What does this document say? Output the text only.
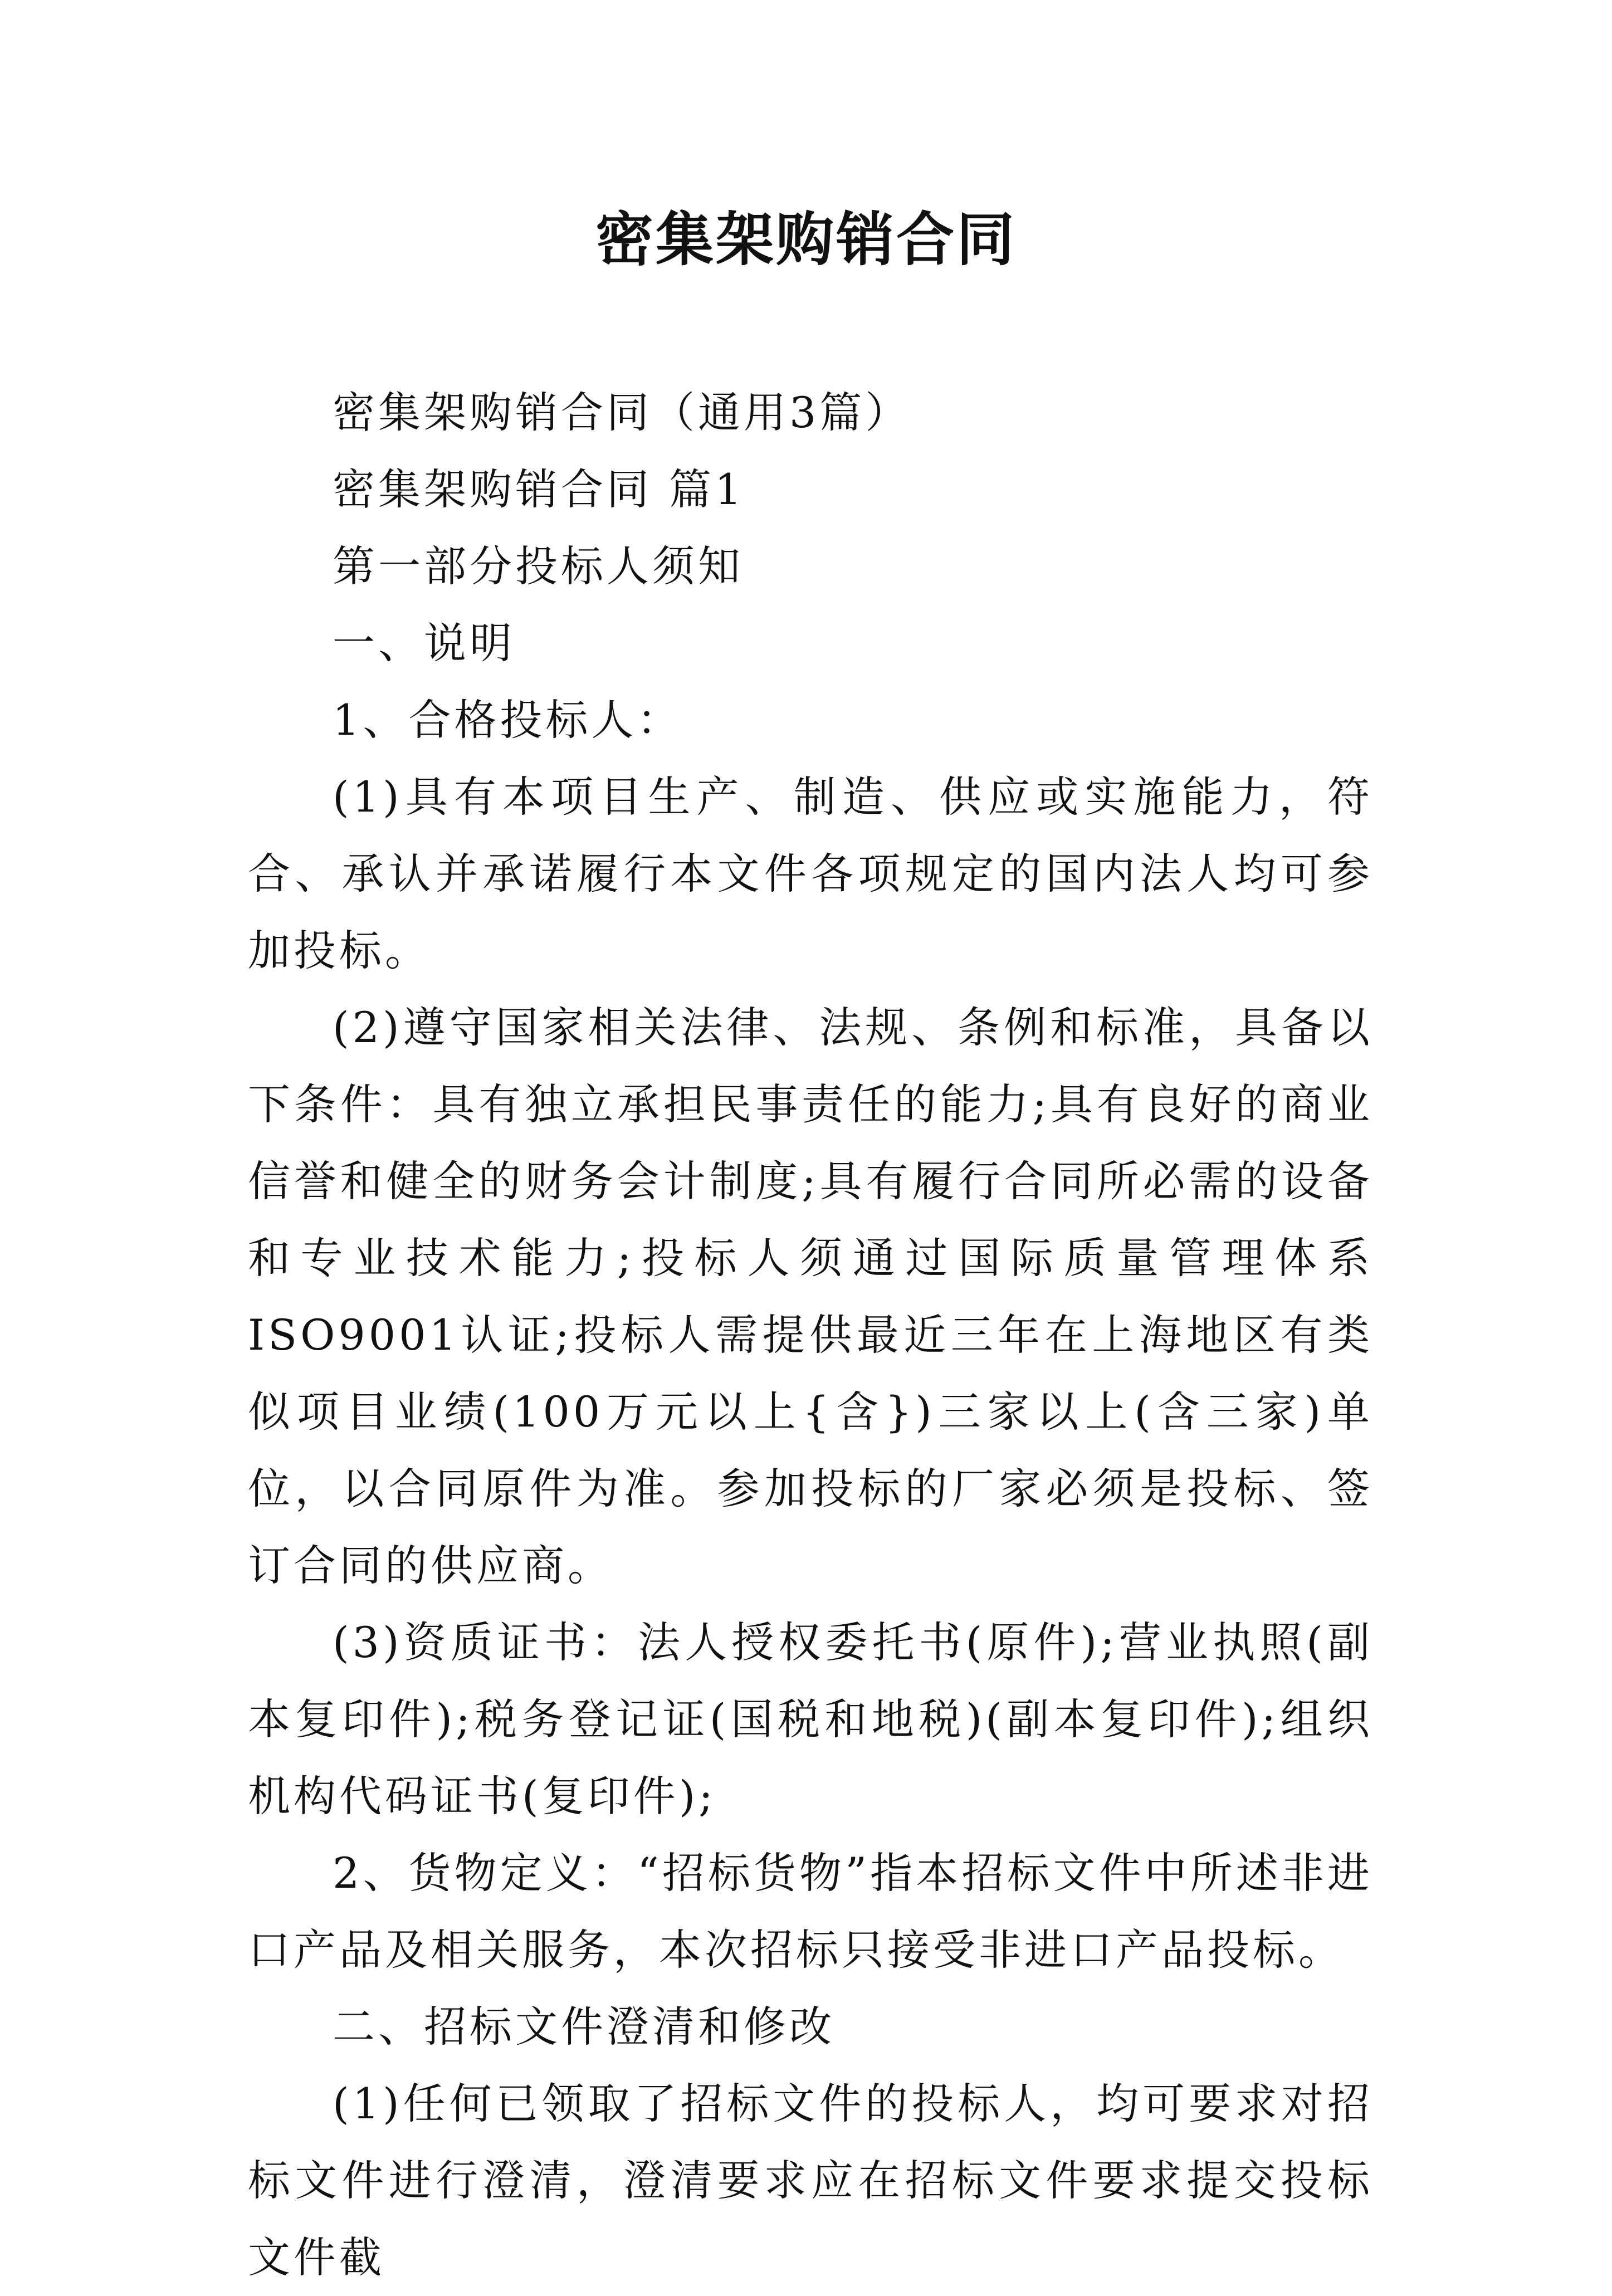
密集架购销合同

密集架购销合同（通用3篇）

密集架购销合同 篇1

第一部分投标人须知

一、说明

1、合格投标人：

(1)具有本项目生产、制造、供应或实施能力，符合、承认并承诺履行本文件各项规定的国内法人均可参加投标。

(2)遵守国家相关法律、法规、条例和标准，具备以下条件：具有独立承担民事责任的能力;具有良好的商业信誉和健全的财务会计制度;具有履行合同所必需的设备和专业技术能力;投标人须通过国际质量管理体系ISO9001认证;投标人需提供最近三年在上海地区有类似项目业绩(100万元以上{含})三家以上(含三家)单位，以合同原件为准。参加投标的厂家必须是投标、签订合同的供应商。

(3)资质证书：法人授权委托书(原件);营业执照(副本复印件);税务登记证(国税和地税)(副本复印件);组织机构代码证书(复印件);

2、货物定义：“招标货物”指本招标文件中所述非进口产品及相关服务，本次招标只接受非进口产品投标。

二、招标文件澄清和修改

(1)任何已领取了招标文件的投标人，均可要求对招标文件进行澄清，澄清要求应在招标文件要求提交投标文件截
